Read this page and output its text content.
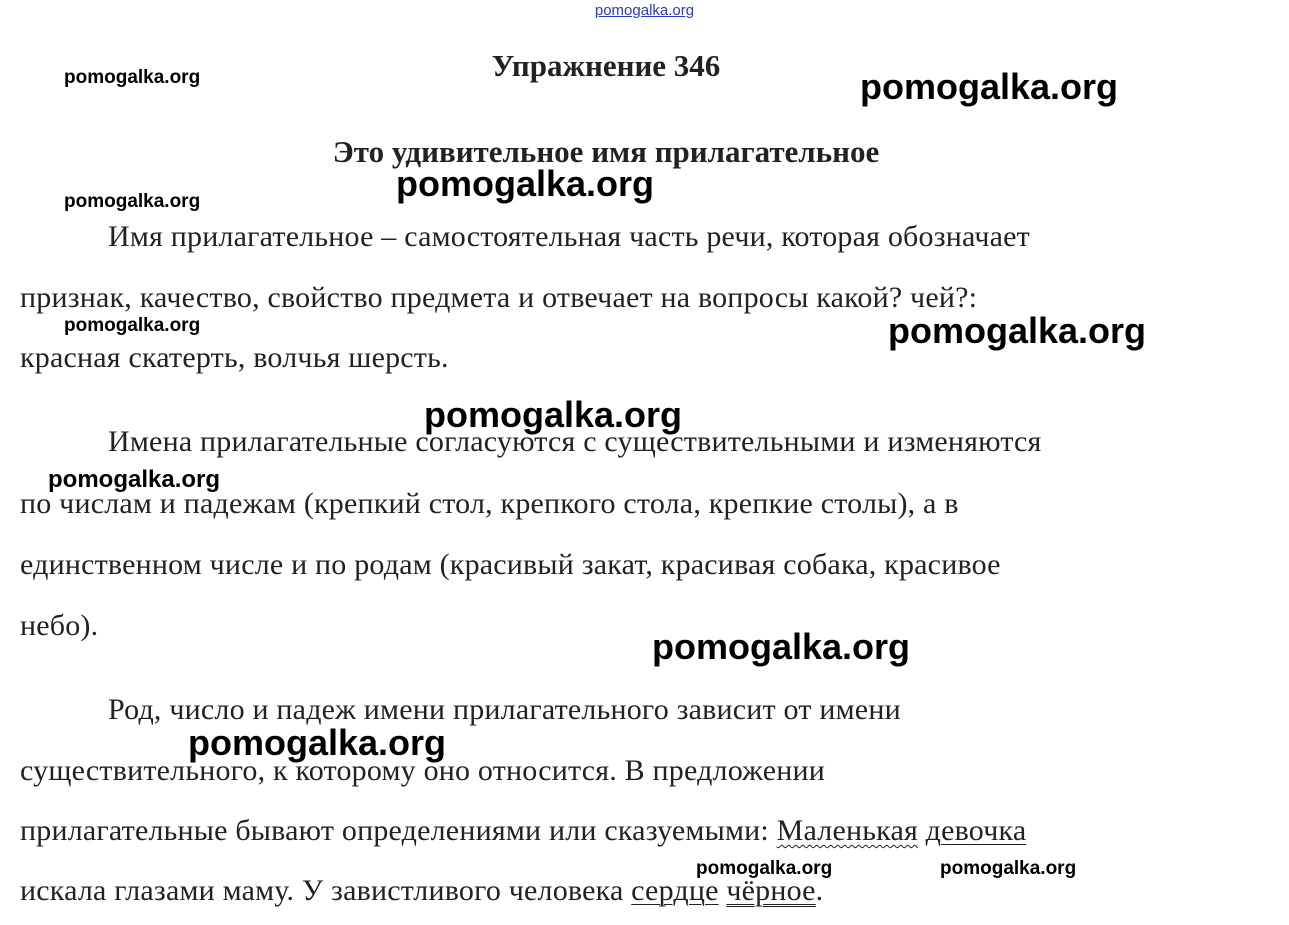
pomogalka.org
Упражнение 346
Это удивительное имя прилагательное
Имя прилагательное – самостоятельная часть речи, которая обозначает
признак, качество, свойство предмета и отвечает на вопросы какой? чей?:
красная скатерть, волчья шерсть.
Имена прилагательные согласуются с существительными и изменяются
по числам и падежам (крепкий стол, крепкого стола, крепкие столы), а в
единственном числе и по родам (красивый закат, красивая собака, красивое
небо).
Род, число и падеж имени прилагательного зависит от имени
существительного, к которому оно относится. В предложении
прилагательные бывают определениями или сказуемыми: Маленькая девочка
искала глазами маму. У завистливого человека сердце чёрное.
pomogalka.org	pomogalka.org
pomogalka.org	pomogalka.org
pomogalka.org	pomogalka.org
pomogalka.org
pomogalka.org
pomogalka.org
pomogalka.org
pomogalka.org	pomogalka.org
